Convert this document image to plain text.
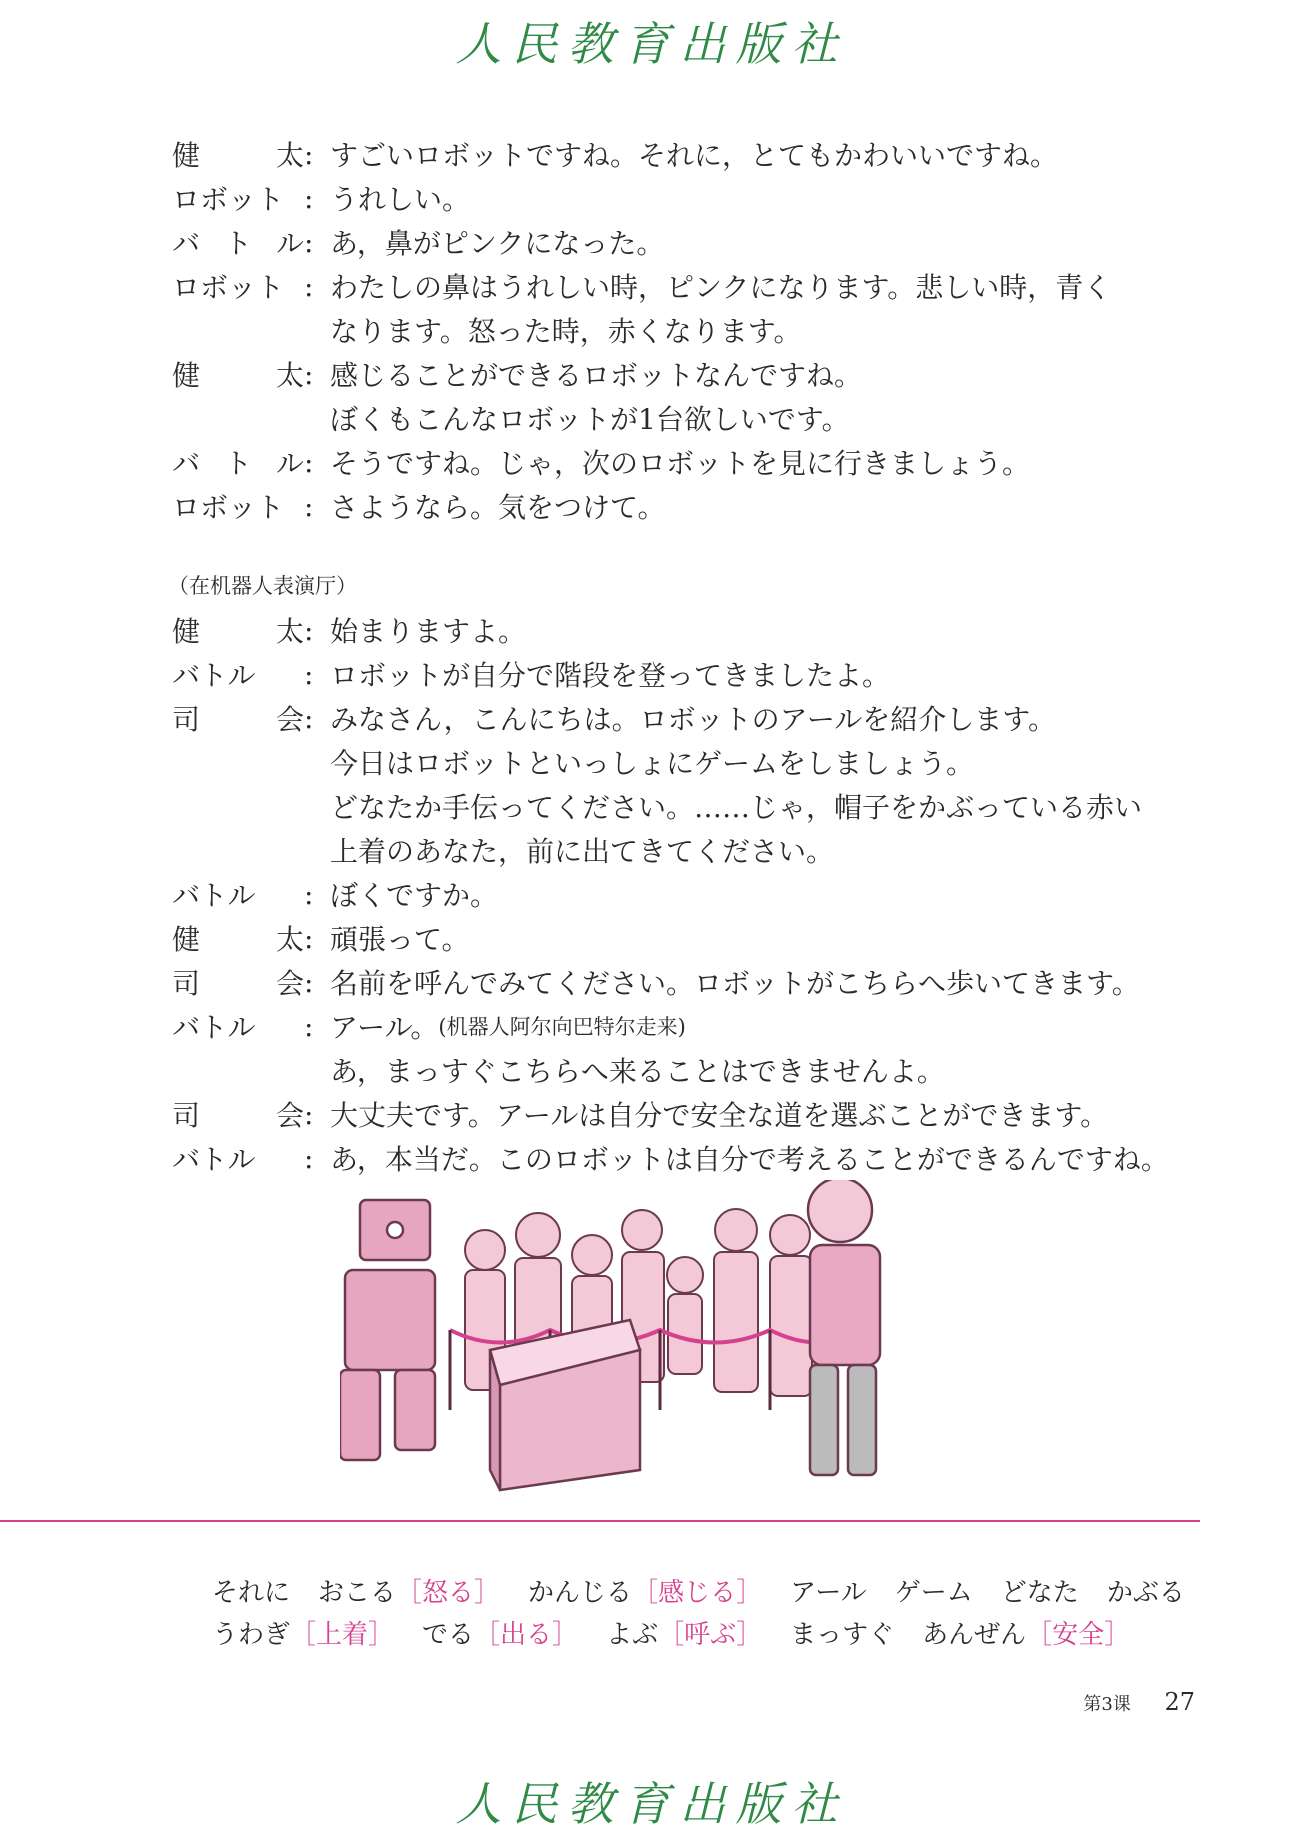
人民教育出版社
健	太 : すごいロボットですね。それに，とてもかわいいですね。
ロボット : うれしい。
バ ト ル : あ，鼻がピンクになった。
ロボット : わたしの鼻はうれしい時，ピンクになります。悲しい時，青く
なります。怒った時，赤くなります。
健	太 : 感じることができるロボットなんですね。
ぼくもこんなロボットが1台欲しいです。
バ ト ル : そうですね。じゃ，次のロボットを見に行きましょう。
ロボット : さようなら。気をつけて。
（在机器人表演厅）
健	太 : 始まりますよ。
バトル : ロボットが自分で階段を登ってきましたよ。
司	会 : みなさん，こんにちは。ロボットのアールを紹介します。
今日はロボットといっしょにゲームをしましょう。
どなたか手伝ってください。……じゃ，帽子をかぶっている赤い
上着のあなた，前に出てきてください。
バトル : ぼくですか。
健	太 : 頑張って。
司	会 : 名前を呼んでみてください。ロボットがこちらへ歩いてきます。
バトル : アール。 (机器人阿尔向巴特尔走来)
あ，まっすぐこちらへ来ることはできませんよ。
司	会 : 大丈夫です。アールは自分で安全な道を選ぶことができます。
バトル : あ，本当だ。このロボットは自分で考えることができるんですね。
それに おこる［怒る］ かんじる［感じる］ アール ゲーム どなた かぶる
うわぎ［上着］ でる［出る］ よぶ［呼ぶ］ まっすぐ あんぜん［安全］
第3课 27
人民教育出版社
